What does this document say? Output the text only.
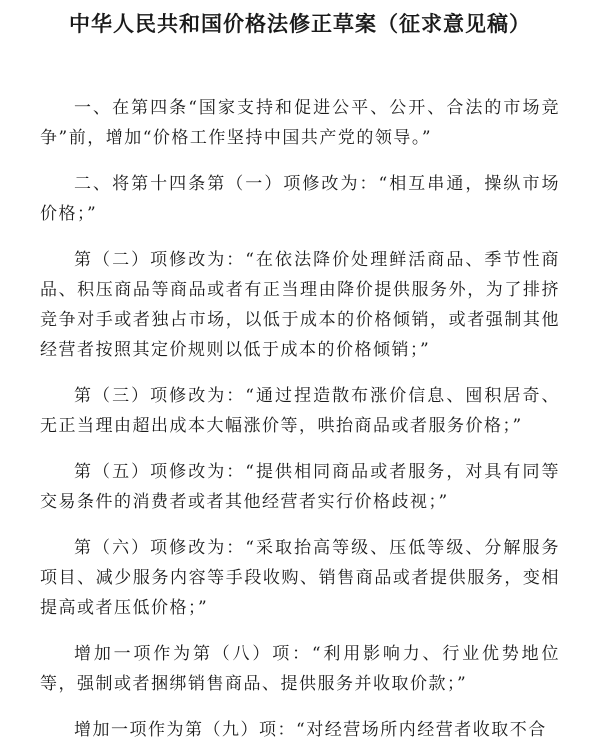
中华人民共和国价格法修正草案（征求意见稿）

一、在第四条“国家支持和促进公平、公开、合法的市场竞争”前，增加“价格工作坚持中国共产党的领导。”

二、将第十四条第（一）项修改为：“相互串通，操纵市场价格；”

第（二）项修改为：“在依法降价处理鲜活商品、季节性商品、积压商品等商品或者有正当理由降价提供服务外，为了排挤竞争对手或者独占市场，以低于成本的价格倾销，或者强制其他经营者按照其定价规则以低于成本的价格倾销；”

第（三）项修改为：“通过捏造散布涨价信息、囤积居奇、无正当理由超出成本大幅涨价等，哄抬商品或者服务价格；”

第（五）项修改为：“提供相同商品或者服务，对具有同等交易条件的消费者或者其他经营者实行价格歧视；”

第（六）项修改为：“采取抬高等级、压低等级、分解服务项目、减少服务内容等手段收购、销售商品或者提供服务，变相提高或者压低价格；”

增加一项作为第（八）项：“利用影响力、行业优势地位等，强制或者捆绑销售商品、提供服务并收取价款；”

增加一项作为第（九）项：“对经营场所内经营者收取不合
